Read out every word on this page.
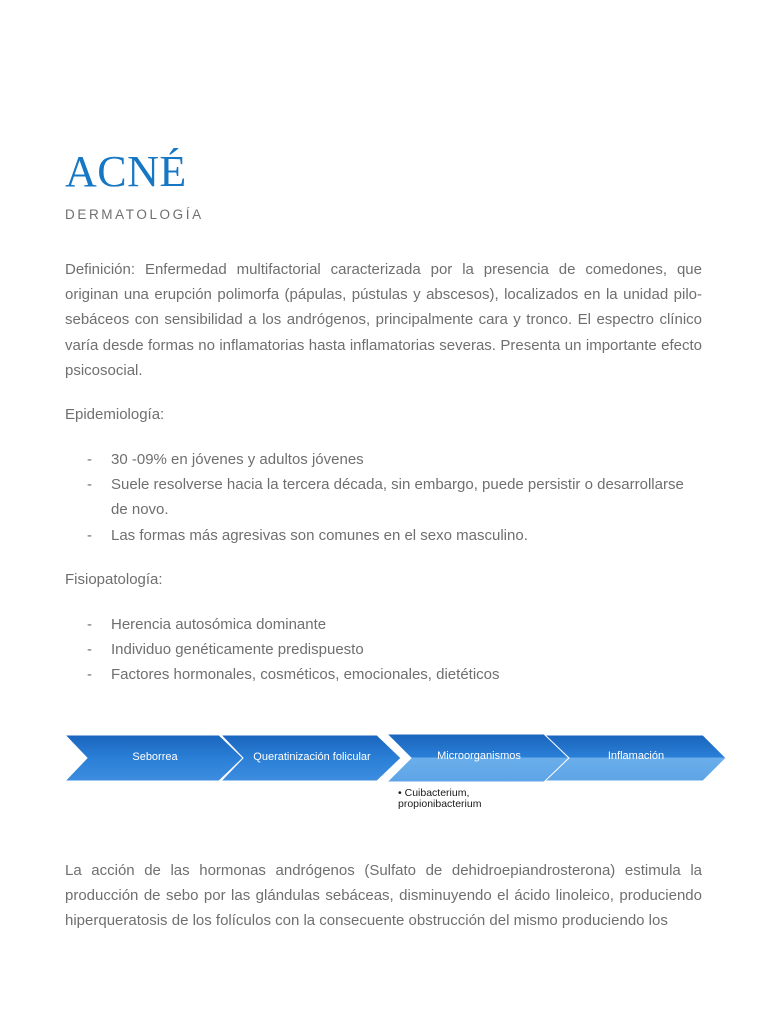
ACNÉ
DERMATOLOGÍA

Definición: Enfermedad multifactorial caracterizada por la presencia de comedones, que originan una erupción polimorfa (pápulas, pústulas y abscesos), localizados en la unidad pilo-sebáceos con sensibilidad a los andrógenos, principalmente cara y tronco. El espectro clínico varía desde formas no inflamatorias hasta inflamatorias severas. Presenta un importante efecto psicosocial.

Epidemiología:

- 30 -09% en jóvenes y adultos jóvenes
- Suele resolverse hacia la tercera década, sin embargo, puede persistir o desarrollarse de novo.
- Las formas más agresivas son comunes en el sexo masculino.

Fisiopatología:

- Herencia autosómica dominante
- Individuo genéticamente predispuesto
- Factores hormonales, cosméticos, emocionales, dietéticos

La acción de las hormonas andrógenos (Sulfato de dehidroepiandrosterona) estimula la producción de sebo por las glándulas sebáceas, disminuyendo el ácido linoleico, produciendo hiperqueratosis de los folículos con la consecuente obstrucción del mismo produciendo los

Seborrea	Queratinización folicular	Microorganismos	Inflamación
• Cuibacterium, propionibacterium
